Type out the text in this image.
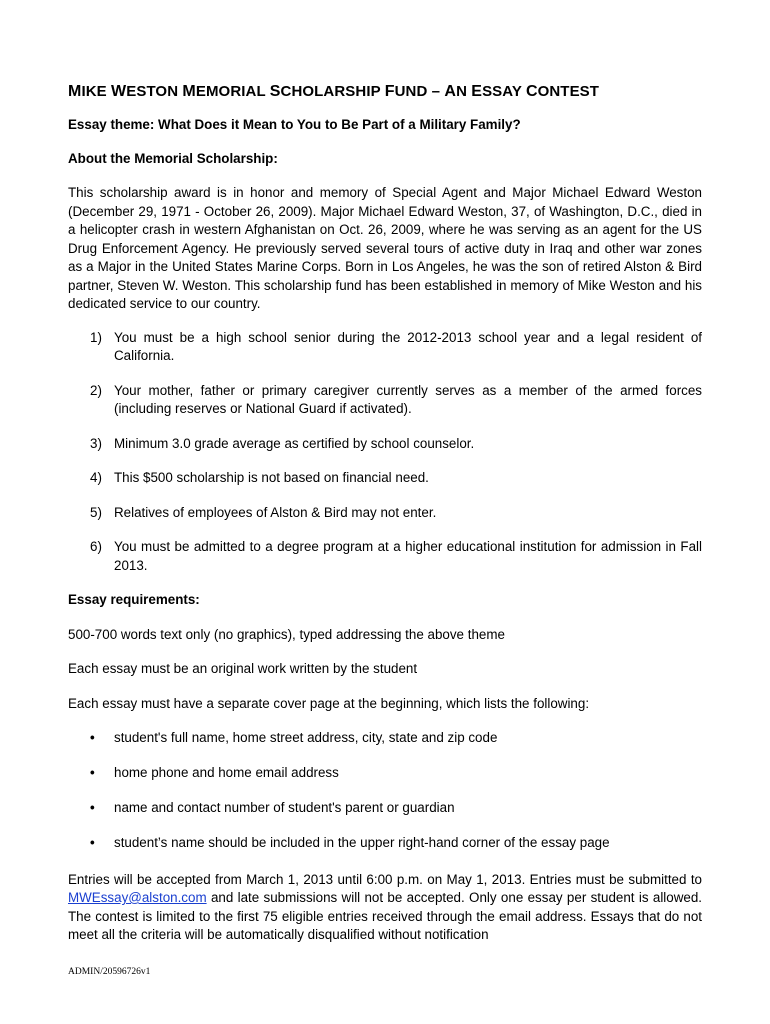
MIKE WESTON MEMORIAL SCHOLARSHIP FUND – AN ESSAY CONTEST

Essay theme: What Does it Mean to You to Be Part of a Military Family?

About the Memorial Scholarship:

This scholarship award is in honor and memory of Special Agent and Major Michael Edward Weston (December 29, 1971 - October 26, 2009). Major Michael Edward Weston, 37, of Washington, D.C., died in a helicopter crash in western Afghanistan on Oct. 26, 2009, where he was serving as an agent for the US Drug Enforcement Agency. He previously served several tours of active duty in Iraq and other war zones as a Major in the United States Marine Corps. Born in Los Angeles, he was the son of retired Alston & Bird partner, Steven W. Weston. This scholarship fund has been established in memory of Mike Weston and his dedicated service to our country.

1) You must be a high school senior during the 2012-2013 school year and a legal resident of California.
2) Your mother, father or primary caregiver currently serves as a member of the armed forces (including reserves or National Guard if activated).
3) Minimum 3.0 grade average as certified by school counselor.
4) This $500 scholarship is not based on financial need.
5) Relatives of employees of Alston & Bird may not enter.
6) You must be admitted to a degree program at a higher educational institution for admission in Fall 2013.

Essay requirements:

500-700 words text only (no graphics), typed addressing the above theme

Each essay must be an original work written by the student

Each essay must have a separate cover page at the beginning, which lists the following:

• student's full name, home street address, city, state and zip code
• home phone and home email address
• name and contact number of student's parent or guardian
• student’s name should be included in the upper right-hand corner of the essay page

Entries will be accepted from March 1, 2013 until 6:00 p.m. on May 1, 2013. Entries must be submitted to MWEssay@alston.com and late submissions will not be accepted. Only one essay per student is allowed. The contest is limited to the first 75 eligible entries received through the email address. Essays that do not meet all the criteria will be automatically disqualified without notification

ADMIN/20596726v1
